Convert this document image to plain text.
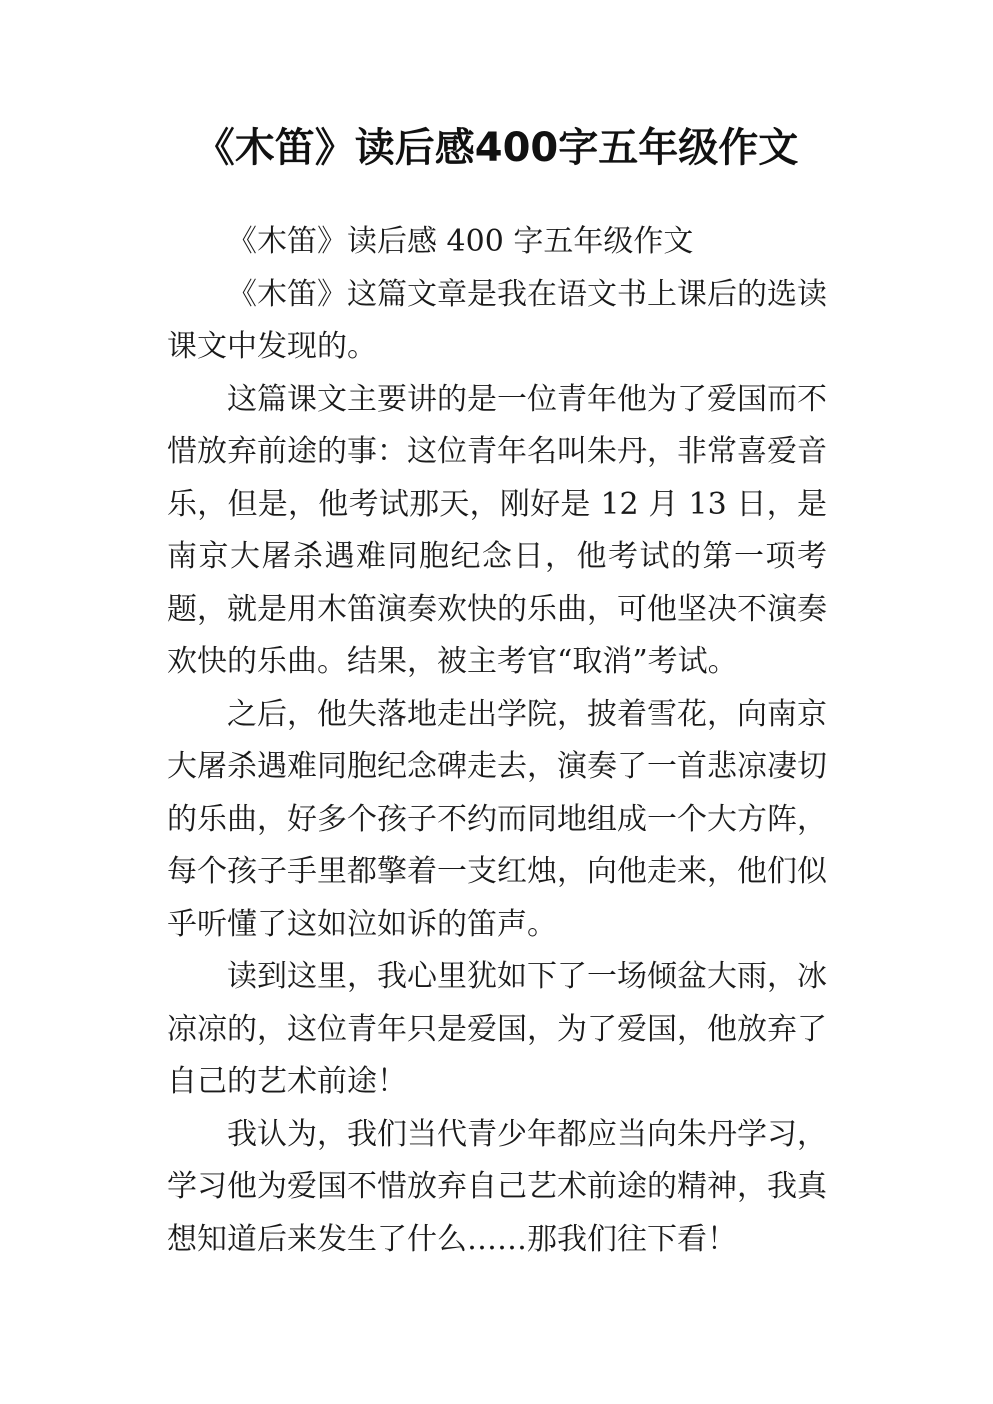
《木笛》读后感400字五年级作文

《木笛》读后感 400 字五年级作文

《木笛》这篇文章是我在语文书上课后的选读课文中发现的。

这篇课文主要讲的是一位青年他为了爱国而不惜放弃前途的事：这位青年名叫朱丹，非常喜爱音乐，但是，他考试那天，刚好是 12 月 13 日，是南京大屠杀遇难同胞纪念日，他考试的第一项考题，就是用木笛演奏欢快的乐曲，可他坚决不演奏欢快的乐曲。结果，被主考官“取消”考试。

之后，他失落地走出学院，披着雪花，向南京大屠杀遇难同胞纪念碑走去，演奏了一首悲凉凄切的乐曲，好多个孩子不约而同地组成一个大方阵，每个孩子手里都擎着一支红烛，向他走来，他们似乎听懂了这如泣如诉的笛声。

读到这里，我心里犹如下了一场倾盆大雨，冰凉凉的，这位青年只是爱国，为了爱国，他放弃了自己的艺术前途！

我认为，我们当代青少年都应当向朱丹学习，学习他为爱国不惜放弃自己艺术前途的精神，我真想知道后来发生了什么……那我们往下看！
